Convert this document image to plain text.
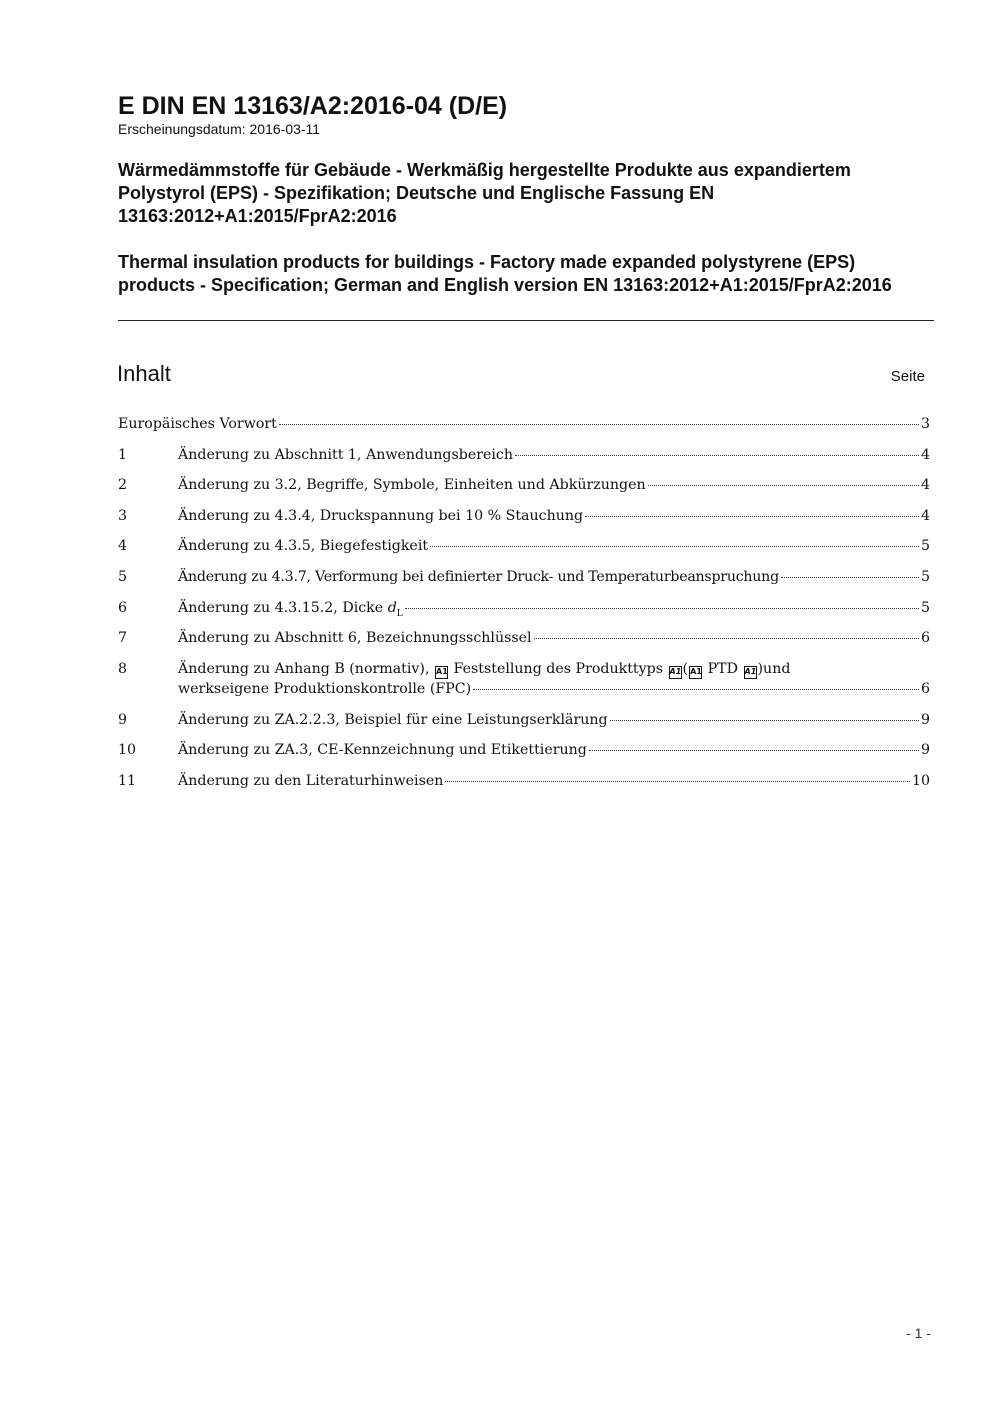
E DIN EN 13163/A2:2016-04 (D/E)
Erscheinungsdatum: 2016-03-11
Wärmedämmstoffe für Gebäude - Werkmäßig hergestellte Produkte aus expandiertem Polystyrol (EPS) - Spezifikation; Deutsche und Englische Fassung EN 13163:2012+A1:2015/FprA2:2016
Thermal insulation products for buildings - Factory made expanded polystyrene (EPS) products - Specification; German and English version EN 13163:2012+A1:2015/FprA2:2016
Inhalt	Seite
Europäisches Vorwort	3
1	Änderung zu Abschnitt 1, Anwendungsbereich	4
2	Änderung zu 3.2, Begriffe, Symbole, Einheiten und Abkürzungen	4
3	Änderung zu 4.3.4, Druckspannung bei 10 % Stauchung	4
4	Änderung zu 4.3.5, Biegefestigkeit	5
5	Änderung zu 4.3.7, Verformung bei definierter Druck- und Temperaturbeanspruchung	5
6	Änderung zu 4.3.15.2, Dicke $d_L$	5
7	Änderung zu Abschnitt 6, Bezeichnungsschlüssel	6
8	Änderung zu Anhang B (normativ), A1 Feststellung des Produkttyps A1( A1 PTD A1)und
werkseigene Produktionskontrolle (FPC)	6
9	Änderung zu ZA.2.2.3, Beispiel für eine Leistungserklärung	9
10	Änderung zu ZA.3, CE-Kennzeichnung und Etikettierung	9
11	Änderung zu den Literaturhinweisen	10
- 1 -
